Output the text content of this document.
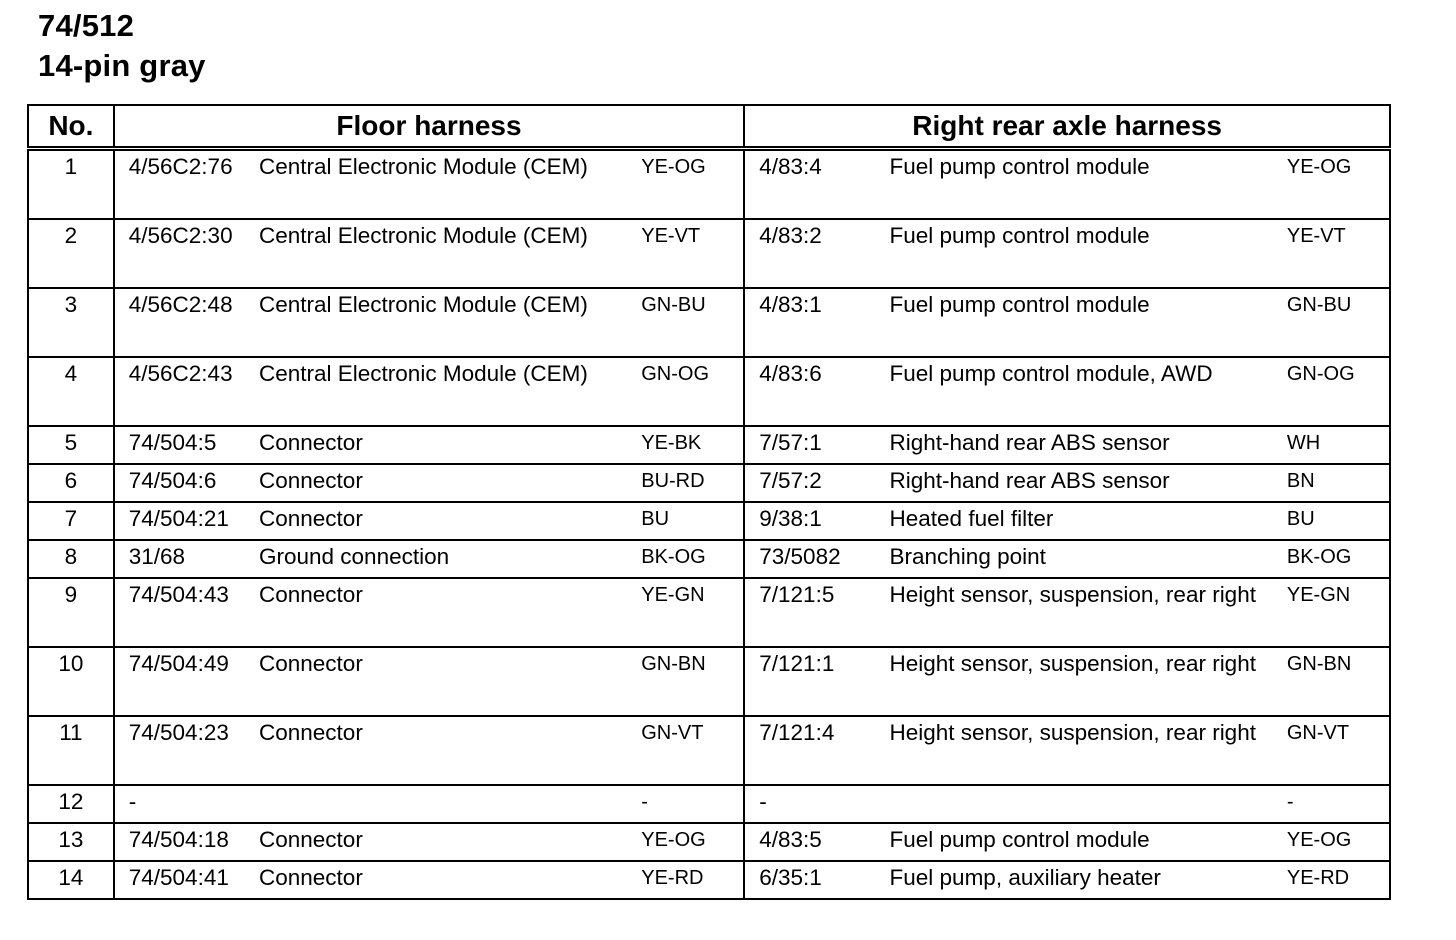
74/512
14-pin gray
No.	Floor harness			Right rear axle harness		
1	4/56C2:76	Central Electronic Module (CEM)	YE-OG	4/83:4	Fuel pump control module	YE-OG
2	4/56C2:30	Central Electronic Module (CEM)	YE-VT	4/83:2	Fuel pump control module	YE-VT
3	4/56C2:48	Central Electronic Module (CEM)	GN-BU	4/83:1	Fuel pump control module	GN-BU
4	4/56C2:43	Central Electronic Module (CEM)	GN-OG	4/83:6	Fuel pump control module, AWD	GN-OG
5	74/504:5	Connector	YE-BK	7/57:1	Right-hand rear ABS sensor	WH
6	74/504:6	Connector	BU-RD	7/57:2	Right-hand rear ABS sensor	BN
7	74/504:21	Connector	BU	9/38:1	Heated fuel filter	BU
8	31/68	Ground connection	BK-OG	73/5082	Branching point	BK-OG
9	74/504:43	Connector	YE-GN	7/121:5	Height sensor, suspension, rear right	YE-GN
10	74/504:49	Connector	GN-BN	7/121:1	Height sensor, suspension, rear right	GN-BN
11	74/504:23	Connector	GN-VT	7/121:4	Height sensor, suspension, rear right	GN-VT
12	-		-	-		-
13	74/504:18	Connector	YE-OG	4/83:5	Fuel pump control module	YE-OG
14	74/504:41	Connector	YE-RD	6/35:1	Fuel pump, auxiliary heater	YE-RD
